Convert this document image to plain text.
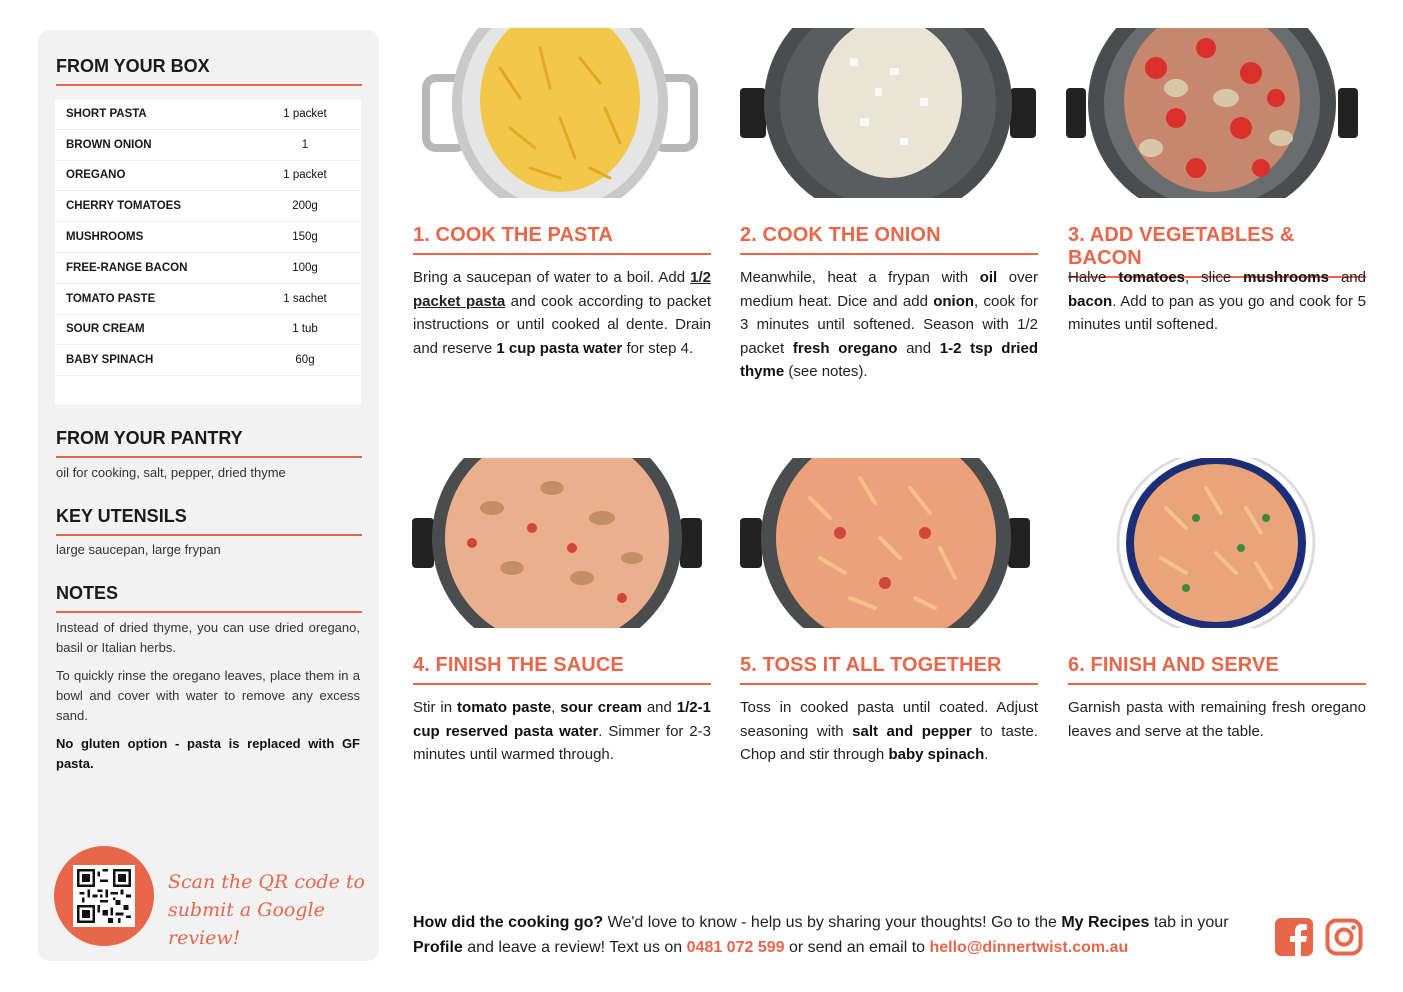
FROM YOUR BOX
SHORT PASTA	1 packet
BROWN ONION	1
OREGANO	1 packet
CHERRY TOMATOES	200g
MUSHROOMS	150g
FREE-RANGE BACON	100g
TOMATO PASTE	1 sachet
SOUR CREAM	1 tub
BABY SPINACH	60g
FROM YOUR PANTRY
oil for cooking, salt, pepper, dried thyme
KEY UTENSILS
large saucepan, large frypan
NOTES
Instead of dried thyme, you can use dried oregano, basil or Italian herbs.
To quickly rinse the oregano leaves, place them in a bowl and cover with water to remove any excess sand.
No gluten option - pasta is replaced with GF pasta.
Scan the QR code to
submit a Google review!
1. COOK THE PASTA	2. COOK THE ONION	3. ADD VEGETABLES & BACON
4. FINISH THE SAUCE	5. TOSS IT ALL TOGETHER	6. FINISH AND SERVE
Bring a saucepan of water to a boil. Add 1/2 packet pasta and cook according to packet instructions or until cooked al dente. Drain and reserve 1 cup pasta water for step 4.
Meanwhile, heat a frypan with oil over medium heat. Dice and add onion, cook for 3 minutes until softened. Season with 1/2 packet fresh oregano and 1-2 tsp dried thyme (see notes).
Halve tomatoes, slice mushrooms and bacon. Add to pan as you go and cook for 5 minutes until softened.
Stir in tomato paste, sour cream and 1/2-1 cup reserved pasta water. Simmer for 2-3 minutes until warmed through.
Toss in cooked pasta until coated. Adjust seasoning with salt and pepper to taste. Chop and stir through baby spinach.
Garnish pasta with remaining fresh oregano leaves and serve at the table.
How did the cooking go? We'd love to know - help us by sharing your thoughts! Go to the My Recipes tab in your Profile and leave a review! Text us on 0481 072 599 or send an email to hello@dinnertwist.com.au
